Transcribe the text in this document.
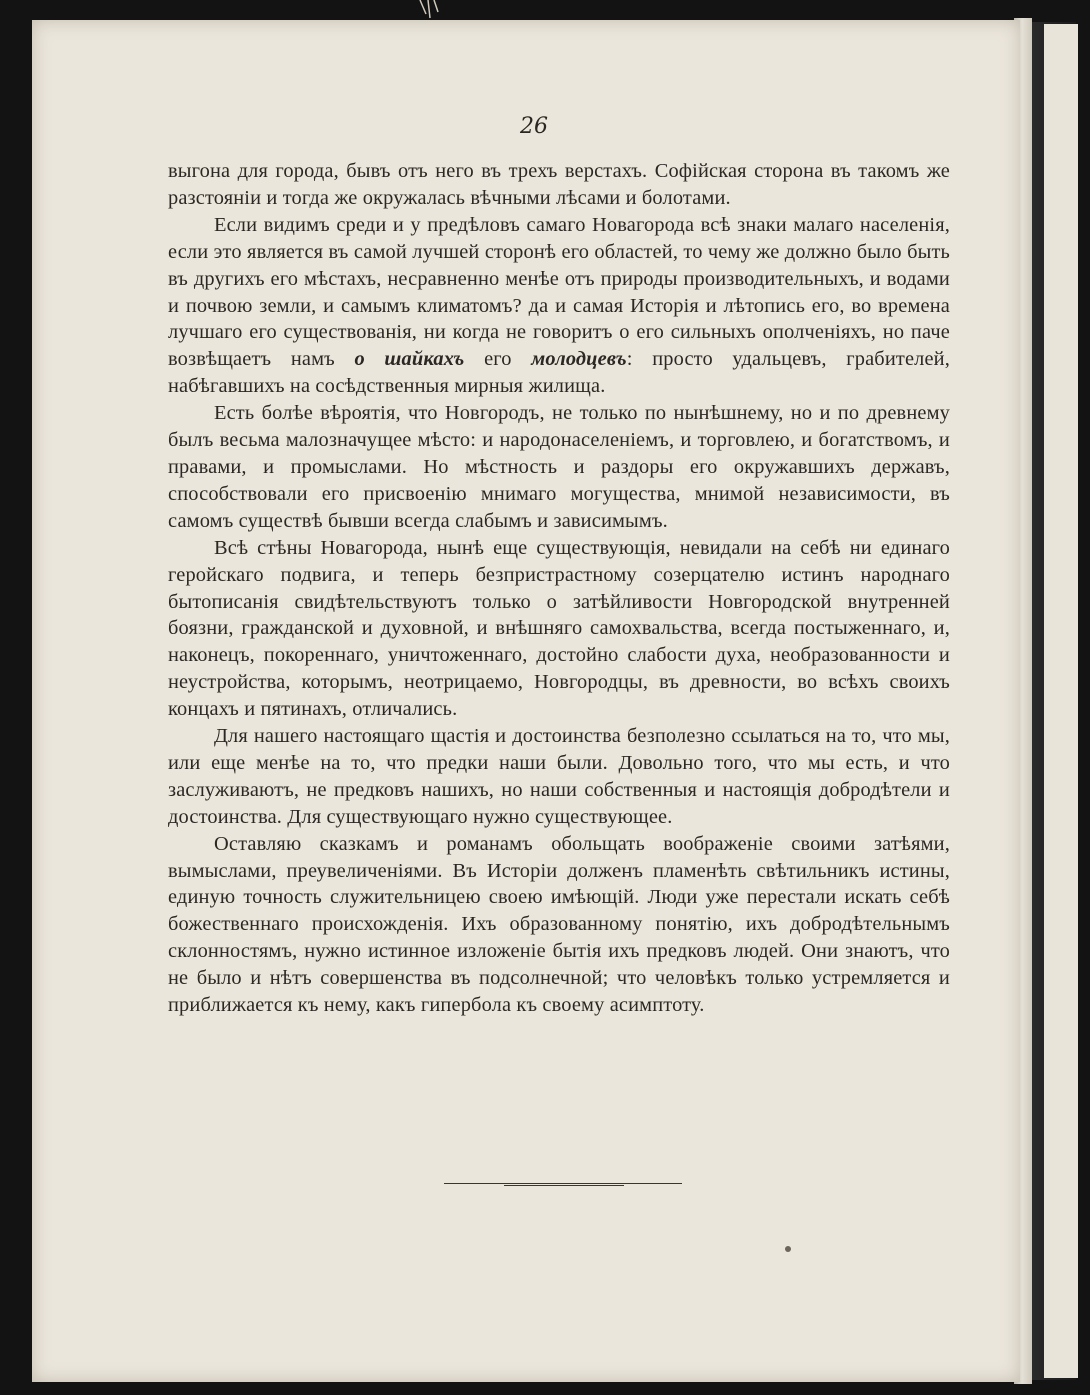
26

выгона для города, бывъ отъ него въ трехъ верстахъ. Софійская сторона въ такомъ же разстояніи и тогда же окружалась вѣчными лѣсами и болотами.

Если видимъ среди и у предѣловъ самаго Новагорода всѣ знаки малаго населенія, если это является въ самой лучшей сторонѣ его областей, то чему же должно было быть въ другихъ его мѣстахъ, несравненно менѣе отъ природы производительныхъ, и водами и почвою земли, и самымъ климатомъ? да и самая Исторія и лѣтопись его, во времена лучшаго его существованія, ни когда не говоритъ о его сильныхъ ополченіяхъ, но паче возвѣщаетъ намъ о шайкахъ его молодцевъ: просто удальцевъ, грабителей, набѣгавшихъ на сосѣдственныя мирныя жилища.

Есть болѣе вѣроятія, что Новгородъ, не только по нынѣшнему, но и по древнему былъ весьма малозначущее мѣсто: и народонаселеніемъ, и торговлею, и богатствомъ, и правами, и промыслами. Но мѣстность и раздоры его окружавшихъ державъ, способствовали его присвоенію мнимаго могущества, мнимой независимости, въ самомъ существѣ бывши всегда слабымъ и зависимымъ.

Всѣ стѣны Новагорода, нынѣ еще существующія, невидали на себѣ ни единаго геройскаго подвига, и теперь безпристрастному созерцателю истинъ народнаго бытописанія свидѣтельствуютъ только о затѣйливости Новгородской внутренней боязни, гражданской и духовной, и внѣшняго самохвальства, всегда постыженнаго, и, наконецъ, покореннаго, уничтоженнаго, достойно слабости духа, необразованности и неустройства, которымъ, неотрицаемо, Новгородцы, въ древности, во всѣхъ своихъ концахъ и пятинахъ, отличались.

Для нашего настоящаго щастія и достоинства безполезно ссылаться на то, что мы, или еще менѣе на то, что предки наши были. Довольно того, что мы есть, и что заслуживаютъ, не предковъ нашихъ, но наши собственныя и настоящія добродѣтели и достоинства. Для существующаго нужно существующее.

Оставляю сказкамъ и романамъ обольщать воображеніе своими затѣями, вымыслами, преувеличеніями. Въ Исторіи долженъ пламенѣть свѣтильникъ истины, единую точность служительницею своею имѣющій. Люди уже перестали искать себѣ божественнаго происхожденія. Ихъ образованному понятію, ихъ добродѣтельнымъ склонностямъ, нужно истинное изложеніе бытія ихъ предковъ людей. Они знаютъ, что не было и нѣтъ совершенства въ подсолнечной; что человѣкъ только устремляется и приближается къ нему, какъ гипербола къ своему асимптоту.
